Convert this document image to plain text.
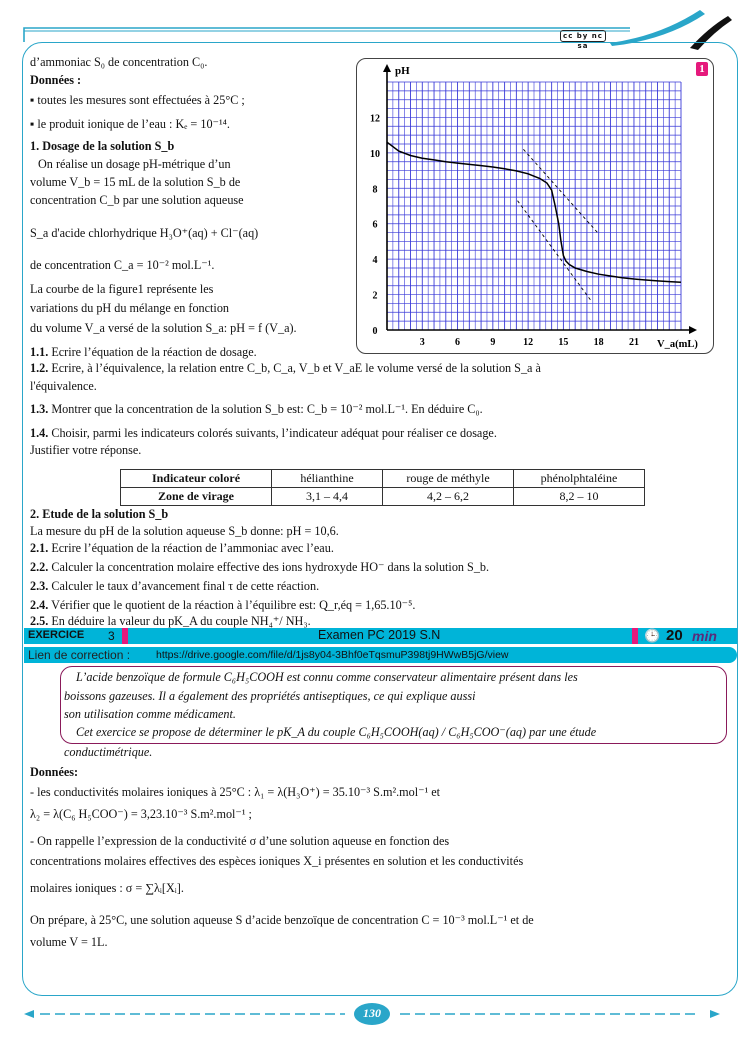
cc by nc sa
d’ammoniac S₀ de concentration C₀.
Données :
▪ toutes les mesures sont effectuées à 25°C ;
▪ le produit ionique de l’eau : Kₑ = 10⁻¹⁴.
1. Dosage de la solution S_b
On réalise un dosage pH-métrique d’un
volume V_b = 15 mL de la solution S_b de
concentration C_b par une solution aqueuse
S_a d'acide chlorhydrique H₃O⁺(aq) + Cl⁻(aq)
de concentration C_a = 10⁻² mol.L⁻¹.
La courbe de la figure1 représente les
variations du pH du mélange en fonction
du volume V_a versé de la solution S_a: pH = f (V_a).
1.1. Ecrire l’équation de la réaction de dosage.
1.2. Ecrire, à l’équivalence, la relation entre C_b, C_a, V_b et V_aE le volume versé de la solution S_a à
l'équivalence.
1.3. Montrer que la concentration de la solution S_b est: C_b = 10⁻² mol.L⁻¹. En déduire C₀.
1.4. Choisir, parmi les indicateurs colorés suivants, l’indicateur adéquat pour réaliser ce dosage.
Justifier votre réponse.
Indicateur coloré	hélianthine	rouge de méthyle	phénolphtaléine
Zone de virage	3,1 – 4,4	4,2 – 6,2	8,2 – 10
2. Etude de la solution S_b
La mesure du pH de la solution aqueuse S_b donne: pH = 10,6.
2.1. Ecrire l’équation de la réaction de l’ammoniac avec l’eau.
2.2. Calculer la concentration molaire effective des ions hydroxyde HO⁻ dans la solution S_b.
2.3. Calculer le taux d’avancement final τ de cette réaction.
EXERCICE 3	Examen PC 2019 S.N	🕒 20 min
Lien de correction : https://drive.google.com/file/d/1js8y04-3Bhf0eTqsmuP398tj9HWwB5jG/view
L’acide benzoïque de formule C₆H₅COOH est connu comme conservateur alimentaire présent dans les
boissons gazeuses. Il a également des propriétés antiseptiques, ce qui explique aussi
son utilisation comme médicament.
Cet exercice se propose de déterminer le pK_A du couple C₆H₅COOH(aq) / C₆H₅COO⁻(aq) par une étude
conductimétrique.
Données:
- les conductivités molaires ioniques à 25°C : λ₁ = λ(H₃O⁺) = 35.10⁻³ S.m².mol⁻¹ et
λ₂ = λ(C₆ H₅COO⁻) = 3,23.10⁻³ S.m².mol⁻¹ ;
- On rappelle l’expression de la conductivité σ d’une solution aqueuse en fonction des
concentrations molaires effectives des espèces ioniques X_i présentes en solution et les conductivités
molaires ioniques : σ = ∑λᵢ[Xᵢ].
On prépare, à 25°C, une solution aqueuse S d’acide benzoïque de concentration C = 10⁻³ mol.L⁻¹ et de
volume V = 1L.
130
1
3	6	9	12	15	18	21
0
2
4
6
8
10
12
pH
V_a(mL)
2.4. Vérifier que le quotient de la réaction à l’équilibre est: Q_r,éq = 1,65.10⁻⁵.
2.5. En déduire la valeur du pK_A du couple NH₄⁺/ NH₃.
